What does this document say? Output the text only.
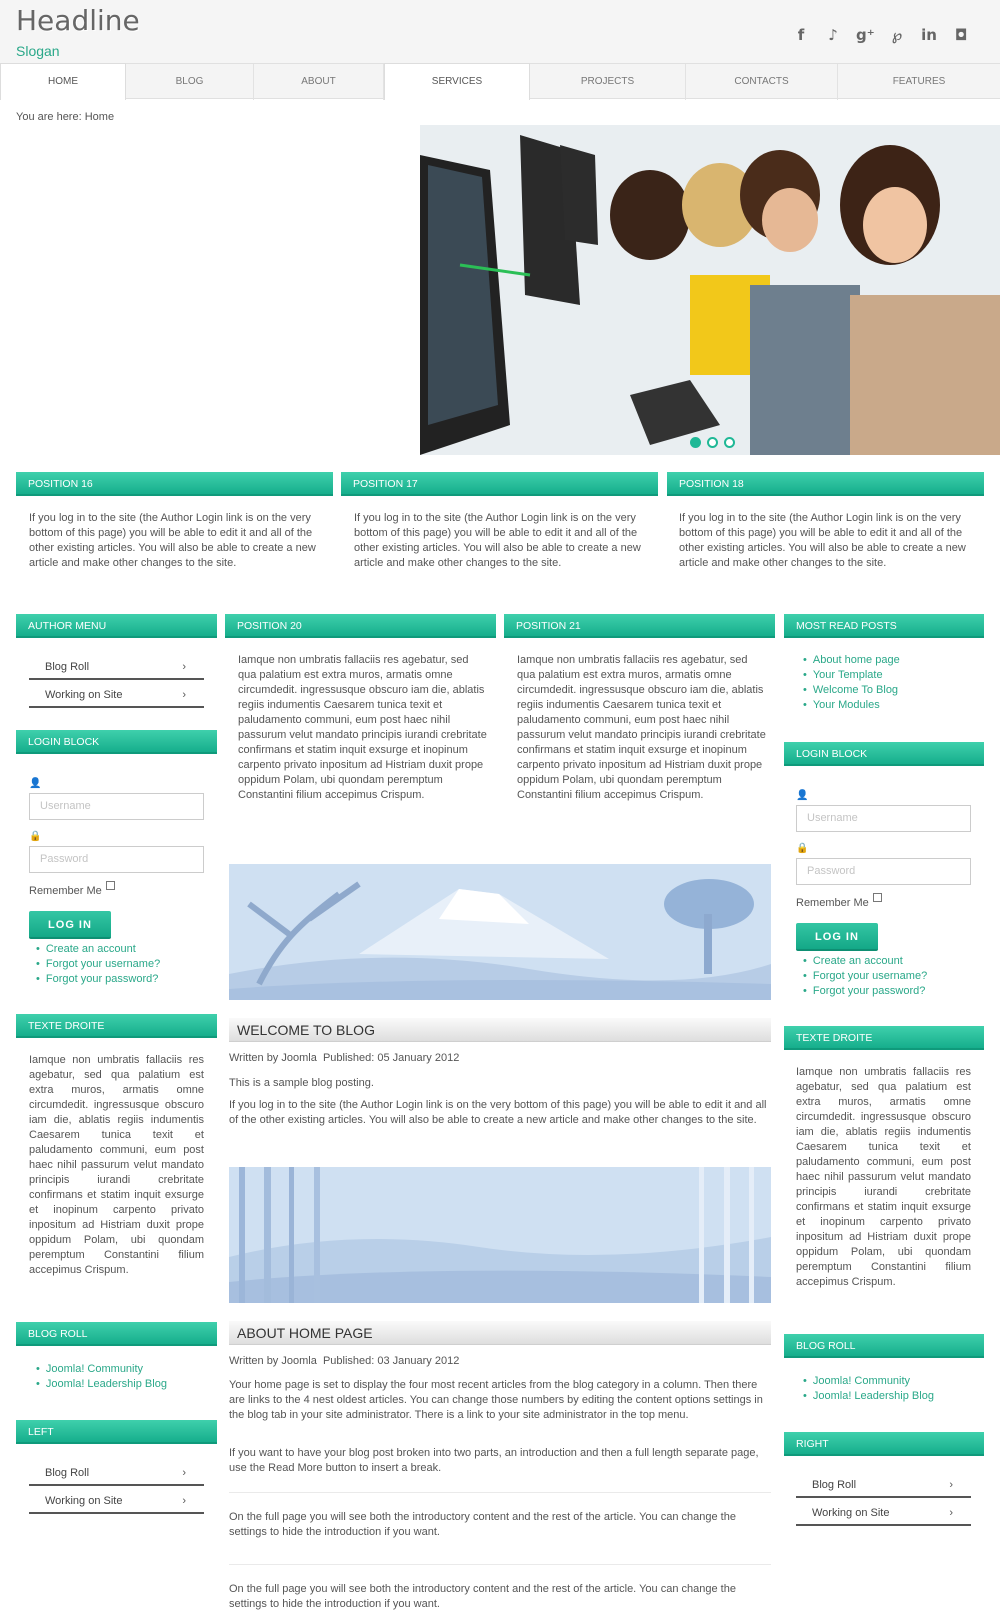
Headline
Slogan
f	♪ g⁺ ℘ in ◘
HOME	BLOG	ABOUT	SERVICES	PROJECTS	CONTACTS	FEATURES
You are here: Home
POSITION 16	POSITION 17	POSITION 18
If you log in to the site (the Author Login link is on the very bottom of this page) you will be able to edit it and all of the other existing articles. You will also be able to create a new article and make other changes to the site.
If you log in to the site (the Author Login link is on the very bottom of this page) you will be able to edit it and all of the other existing articles. You will also be able to create a new article and make other changes to the site.
If you log in to the site (the Author Login link is on the very bottom of this page) you will be able to edit it and all of the other existing articles. You will also be able to create a new article and make other changes to the site.
AUTHOR MENU
Blog Roll	›
Working on Site	›
LOGIN BLOCK
👤
Username
🔒
Password
Remember Me
LOG IN
• Create an account
• Forgot your username?
• Forgot your password?
TEXTE DROITE
Iamque non umbratis fallaciis res agebatur, sed qua palatium est extra muros, armatis omne circumdedit. ingressusque obscuro iam die, ablatis regiis indumentis Caesarem tunica texit et paludamento communi, eum post haec nihil passurum velut mandato principis iurandi crebritate confirmans et statim inquit exsurge et inopinum carpento privato inpositum ad Histriam duxit prope oppidum Polam, ubi quondam peremptum Constantini filium accepimus Crispum.
BLOG ROLL
• Joomla! Community
• Joomla! Leadership Blog
LEFT
Blog Roll	›
Working on Site	›
POSITION 20	POSITION 21
Iamque non umbratis fallaciis res agebatur, sed qua palatium est extra muros, armatis omne circumdedit. ingressusque obscuro iam die, ablatis regiis indumentis Caesarem tunica texit et paludamento communi, eum post haec nihil passurum velut mandato principis iurandi crebritate confirmans et statim inquit exsurge et inopinum carpento privato inpositum ad Histriam duxit prope oppidum Polam, ubi quondam peremptum Constantini filium accepimus Crispum.
Iamque non umbratis fallaciis res agebatur, sed qua palatium est extra muros, armatis omne circumdedit. ingressusque obscuro iam die, ablatis regiis indumentis Caesarem tunica texit et paludamento communi, eum post haec nihil passurum velut mandato principis iurandi crebritate confirmans et statim inquit exsurge et inopinum carpento privato inpositum ad Histriam duxit prope oppidum Polam, ubi quondam peremptum Constantini filium accepimus Crispum.
WELCOME TO BLOG
Written by Joomla Published: 05 January 2012
This is a sample blog posting.
If you log in to the site (the Author Login link is on the very bottom of this page) you will be able to edit it and all of the other existing articles. You will also be able to create a new article and make other changes to the site.
ABOUT HOME PAGE
Written by Joomla Published: 03 January 2012
Your home page is set to display the four most recent articles from the blog category in a column. Then there are links to the 4 nest oldest articles. You can change those numbers by editing the content options settings in the blog tab in your site administrator. There is a link to your site administrator in the top menu.
If you want to have your blog post broken into two parts, an introduction and then a full length separate page, use the Read More button to insert a break.
On the full page you will see both the introductory content and the rest of the article. You can change the settings to hide the introduction if you want.
On the full page you will see both the introductory content and the rest of the article. You can change the settings to hide the introduction if you want.
MOST READ POSTS
• About home page
• Your Template
• Welcome To Blog
• Your Modules
LOGIN BLOCK
👤
Username
🔒
Password
Remember Me
LOG IN
• Create an account
• Forgot your username?
• Forgot your password?
TEXTE DROITE
Iamque non umbratis fallaciis res agebatur, sed qua palatium est extra muros, armatis omne circumdedit. ingressusque obscuro iam die, ablatis regiis indumentis Caesarem tunica texit et paludamento communi, eum post haec nihil passurum velut mandato principis iurandi crebritate confirmans et statim inquit exsurge et inopinum carpento privato inpositum ad Histriam duxit prope oppidum Polam, ubi quondam peremptum Constantini filium accepimus Crispum.
BLOG ROLL
• Joomla! Community
• Joomla! Leadership Blog
RIGHT
Blog Roll	›
Working on Site	›
